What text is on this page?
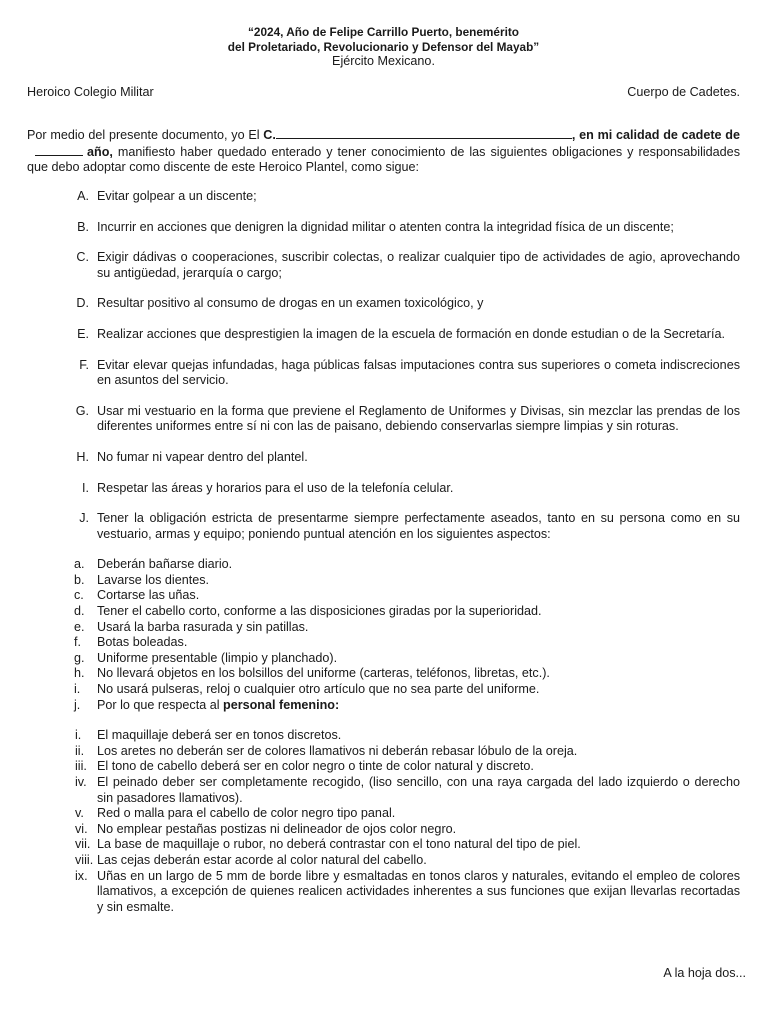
“2024, Año de Felipe Carrillo Puerto, benemérito
del Proletariado, Revolucionario y Defensor del Mayab”
Ejército Mexicano.
Heroico Colegio Militar	Cuerpo de Cadetes.
Por medio del presente documento, yo El C.	, en mi calidad de cadete deaño, manifiesto haber quedado enterado y tener conocimiento de las siguientes obligaciones y responsabilidades que debo adoptar como discente de este Heroico Plantel, como sigue:
A. Evitar golpear a un discente;
B. Incurrir en acciones que denigren la dignidad militar o atenten contra la integridad física de un discente;
C. Exigir dádivas o cooperaciones, suscribir colectas, o realizar cualquier tipo de actividades de agio, aprovechando su antigüedad, jerarquía o cargo;
D. Resultar positivo al consumo de drogas en un examen toxicológico, y
E. Realizar acciones que desprestigien la imagen de la escuela de formación en donde estudian o de la Secretaría.
F. Evitar elevar quejas infundadas, haga públicas falsas imputaciones contra sus superiores o cometa indiscreciones en asuntos del servicio.
G. Usar mi vestuario en la forma que previene el Reglamento de Uniformes y Divisas, sin mezclar las prendas de los diferentes uniformes entre sí ni con las de paisano, debiendo conservarlas siempre limpias y sin roturas.
H. No fumar ni vapear dentro del plantel.
I. Respetar las áreas y horarios para el uso de la telefonía celular.
J. Tener la obligación estricta de presentarme siempre perfectamente aseados, tanto en su persona como en su vestuario, armas y equipo; poniendo puntual atención en los siguientes aspectos:
a. Deberán bañarse diario.
b. Lavarse los dientes.
c.	Cortarse las uñas.
d. Tener el cabello corto, conforme a las disposiciones giradas por la superioridad.
e. Usará la barba rasurada y sin patillas.
f.	Botas boleadas.
g. Uniforme presentable (limpio y planchado).
h. No llevará objetos en los bolsillos del uniforme (carteras, teléfonos, libretas, etc.).
i.	No usará pulseras, reloj o cualquier otro artículo que no sea parte del uniforme.
j.	Por lo que respecta al personal femenino:
i.	El maquillaje deberá ser en tonos discretos.
ii.	Los aretes no deberán ser de colores llamativos ni deberán rebasar lóbulo de la oreja.
iii. El tono de cabello deberá ser en color negro o tinte de color natural y discreto.
iv. El peinado deber ser completamente recogido, (liso sencillo, con una raya cargada del lado izquierdo o derecho sin pasadores llamativos).
v.	Red o malla para el cabello de color negro tipo panal.
vi. No emplear pestañas postizas ni delineador de ojos color negro.
vii. La base de maquillaje o rubor, no deberá contrastar con el tono natural del tipo de piel.
viii. Las cejas deberán estar acorde al color natural del cabello.
ix. Uñas en un largo de 5 mm de borde libre y esmaltadas en tonos claros y naturales, evitando el empleo de colores llamativos, a excepción de quienes realicen actividades inherentes a sus funciones que exijan llevarlas recortadas y sin esmalte.
A la hoja dos...
